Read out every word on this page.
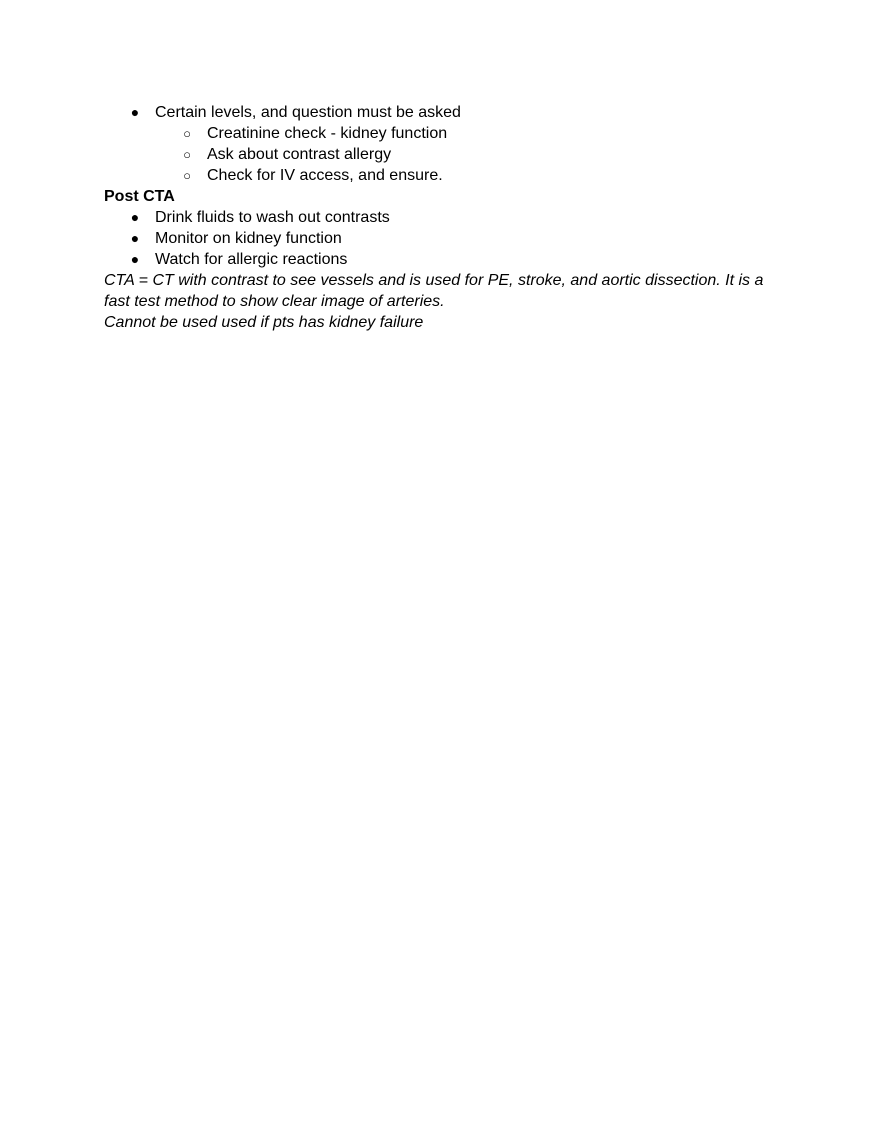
● Certain levels, and question must be asked
○ Creatinine check - kidney function
○ Ask about contrast allergy
○ Check for IV access, and ensure.
Post CTA
● Drink fluids to wash out contrasts
● Monitor on kidney function
● Watch for allergic reactions

CTA = CT with contrast to see vessels and is used for PE, stroke, and aortic dissection. It is a fast test method to show clear image of arteries.

Cannot be used used if pts has kidney failure
